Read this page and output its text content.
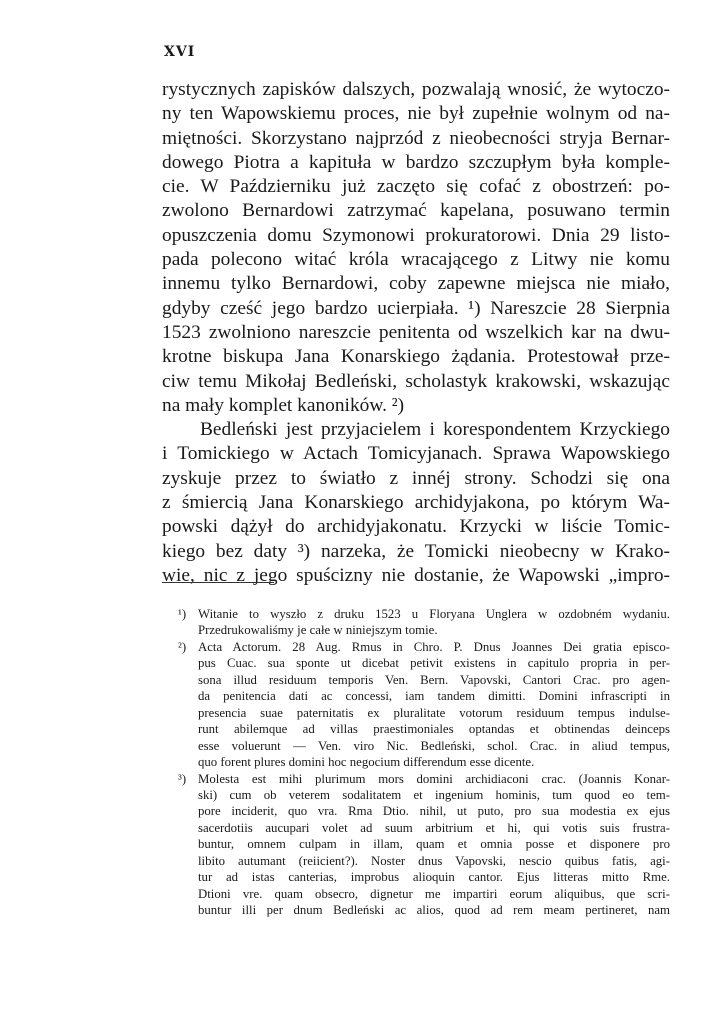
XVI
rystycznych zapisków dalszych, pozwalają wnosić, że wytoczo-
ny ten Wapowskiemu proces, nie był zupełnie wolnym od na-
miętności. Skorzystano najprzód z nieobecności stryja Bernar-
dowego Piotra a kapituła w bardzo szczupłym była komple-
cie. W Październiku już zaczęto się cofać z obostrzeń: po-
zwolono Bernardowi zatrzymać kapelana, posuwano termin
opuszczenia domu Szymonowi prokuratorowi. Dnia 29 listo-
pada polecono witać króla wracającego z Litwy nie komu
innemu tylko Bernardowi, coby zapewne miejsca nie miało,
gdyby cześć jego bardzo ucierpiała. ¹) Nareszcie 28 Sierpnia
1523 zwolniono nareszcie penitenta od wszelkich kar na dwu-
krotne biskupa Jana Konarskiego żądania. Protestował prze-
ciw temu Mikołaj Bedleński, scholastyk krakowski, wskazując
na mały komplet kanoników. ²)
Bedleński jest przyjacielem i korespondentem Krzyckiego
i Tomickiego w Actach Tomicyjanach. Sprawa Wapowskiego
zyskuje przez to światło z innéj strony. Schodzi się ona
z śmiercią Jana Konarskiego archidyjakona, po którym Wa-
powski dążył do archidyjakonatu. Krzycki w liście Tomic-
kiego bez daty ³) narzeka, że Tomicki nieobecny w Krako-
wie, nic z jego spuścizny nie dostanie, że Wapowski „impro-
¹) Witanie to wyszło z druku 1523 u Floryana Unglera w ozdobném wydaniu.
Przedrukowaliśmy je całe w niniejszym tomie.
²) Acta Actorum. 28 Aug. Rmus in Chro. P. Dnus Joannes Dei gratia episco-
pus Cuac. sua sponte ut dicebat petivit existens in capitulo propria in per-
sona illud residuum temporis Ven. Bern. Vapovski, Cantori Crac. pro agen-
da penitencia dati ac concessi, iam tandem dimitti. Domini infrascripti in
presencia suae paternitatis ex pluralitate votorum residuum tempus indulse-
runt abilemque ad villas praestimoniales optandas et obtinendas deinceps
esse voluerunt — Ven. viro Nic. Bedleński, schol. Crac. in aliud tempus,
quo forent plures domini hoc negocium differendum esse dicente.
³) Molesta est mihi plurimum mors domini archidiaconi crac. (Joannis Konar-
ski) cum ob veterem sodalitatem et ingenium hominis, tum quod eo tem-
pore inciderit, quo vra. Rma Dtio. nihil, ut puto, pro sua modestia ex ejus
sacerdotiis aucupari volet ad suum arbitrium et hi, qui votis suis frustra-
buntur, omnem culpam in illam, quam et omnia posse et disponere pro
libito autumant (reiicient?). Noster dnus Vapovski, nescio quibus fatis, agi-
tur ad istas canterias, improbus alioquin cantor. Ejus litteras mitto Rme.
Dtioni vre. quam obsecro, dignetur me impartiri eorum aliquibus, que scri-
buntur illi per dnum Bedleński ac alios, quod ad rem meam pertineret, nam
